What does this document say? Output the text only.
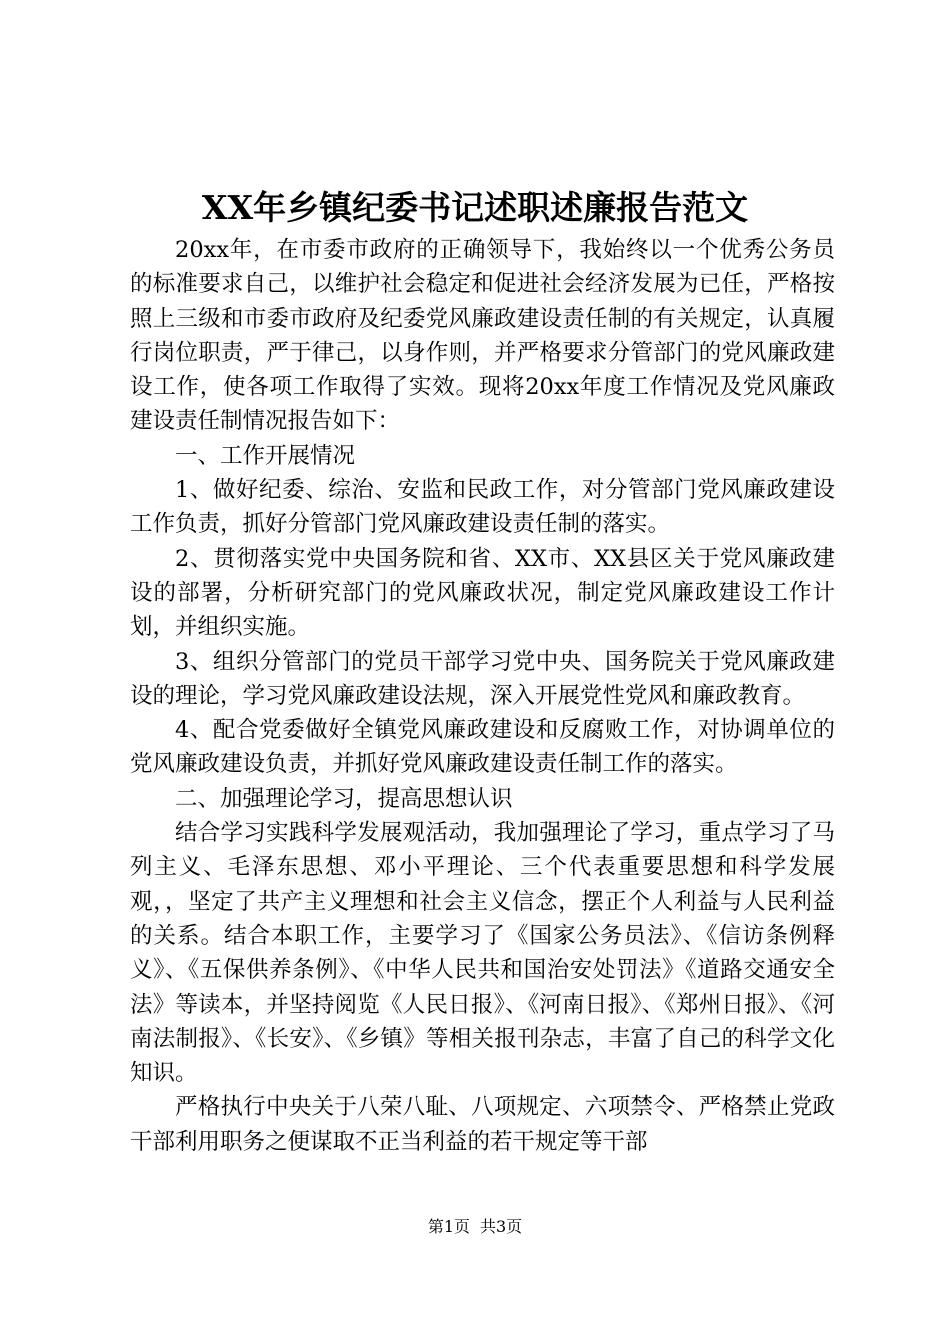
XX年乡镇纪委书记述职述廉报告范文

20xx年，在市委市政府的正确领导下，我始终以一个优秀公务员的标准要求自己，以维护社会稳定和促进社会经济发展为已任，严格按照上三级和市委市政府及纪委党风廉政建设责任制的有关规定，认真履行岗位职责，严于律己，以身作则，并严格要求分管部门的党风廉政建设工作，使各项工作取得了实效。现将20xx年度工作情况及党风廉政建设责任制情况报告如下：

一、工作开展情况

1、做好纪委、综治、安监和民政工作，对分管部门党风廉政建设工作负责，抓好分管部门党风廉政建设责任制的落实。

2、贯彻落实党中央国务院和省、XX市、XX县区关于党风廉政建设的部署，分析研究部门的党风廉政状况，制定党风廉政建设工作计划，并组织实施。

3、组织分管部门的党员干部学习党中央、国务院关于党风廉政建设的理论，学习党风廉政建设法规，深入开展党性党风和廉政教育。

4、配合党委做好全镇党风廉政建设和反腐败工作，对协调单位的党风廉政建设负责，并抓好党风廉政建设责任制工作的落实。

二、加强理论学习，提高思想认识

结合学习实践科学发展观活动，我加强理论了学习，重点学习了马列主义、毛泽东思想、邓小平理论、三个代表重要思想和科学发展观，，坚定了共产主义理想和社会主义信念，摆正个人利益与人民利益的关系。结合本职工作，主要学习了《国家公务员法》、《信访条例释义》、《五保供养条例》、《中华人民共和国治安处罚法》《道路交通安全法》等读本，并坚持阅览《人民日报》、《河南日报》、《郑州日报》、《河南法制报》、《长安》、《乡镇》等相关报刊杂志，丰富了自己的科学文化知识。

严格执行中央关于八荣八耻、八项规定、六项禁令、严格禁止党政干部利用职务之便谋取不正当利益的若干规定等干部

第1页 共3页
